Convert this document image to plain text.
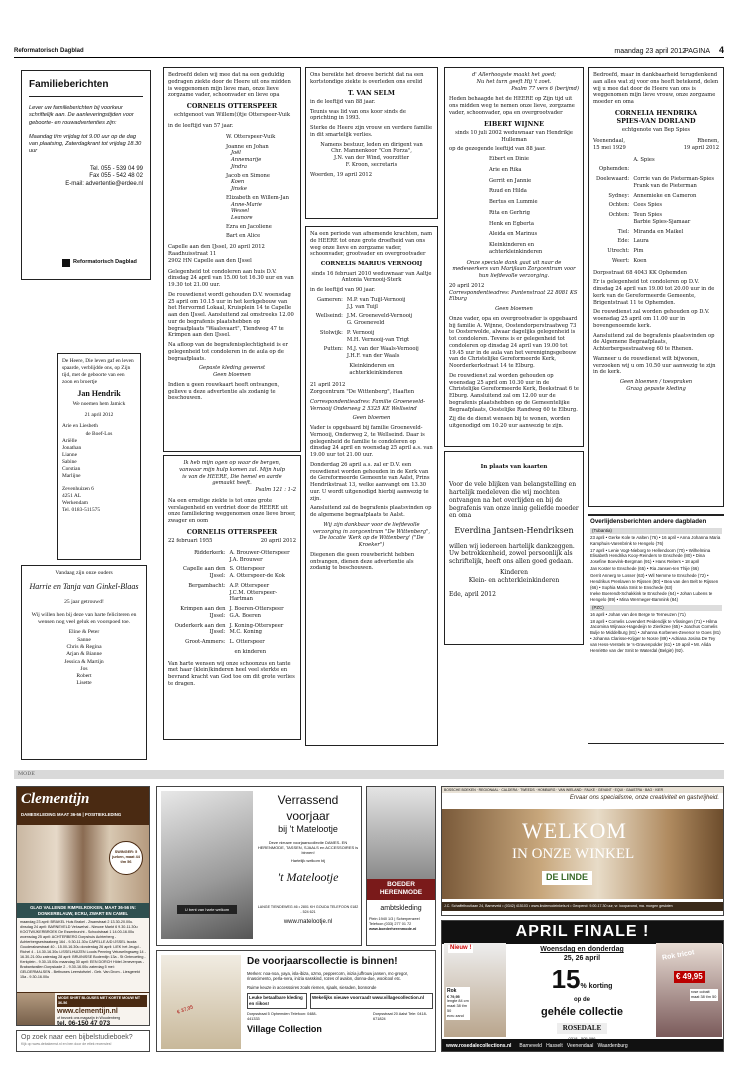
Reformatorisch Dagblad	maandag 23 april 2012
PAGINA 4
Familieberichten

Lever uw familieberichten bij voorkeur schriftelijk aan. De aanleveringstijden voor geboorte- en rouwadvertenties zijn:

Maandag t/m vrijdag tot 9.00 uur op de dag van plaatsing, Zaterdagkrant tot vrijdag 18.30 uur

Tel. 055 - 539 04 99
Fax 055 - 542 48 02
E-mail: advertentie@erdee.nl
Reformatorisch Dagblad

De Heere, Die leven gaf en leven spaarde, verblijdde ons, op Zijn tijd, met de geboorte van een zoon en broertje

Jan Hendrik
We noemen hem Jamick
21 april 2012
Arie en Liesbeth
de Boef-Los
Ariëlle
Jonathan
Lianne
Sabine
Corstian
Marlijne
Zevenhuizen 6
4251 AL
Werkendam
Tel. 0183-511575
Vandaag zijn onze ouders
Harrie en Tanja van Ginkel-Blaas
25 jaar getrouwd!

Wij willen hen bij deze van harte feliciteren en wensen nog veel geluk en voorspoed toe.

Eline & Peter
Sanne
Chris & Regina
Arjan & Bianne
Jessica & Martijn
Jos
Robert
Lisette

Bedroefd delen wij mee dat na een geduldig gedragen ziekte door de Heere uit ons midden is weggenomen mijn lieve man, onze lieve zorgzame vader, schoonvader en lieve opa

CORNELIS OTTERSPEER
echtgenoot van Willem(i)tje Otterspeer-Vuik
in de leeftijd van 57 jaar.
W. Otterspeer-Vuik
Joanne en Johan
Joël
Annemarije
Jindra
Jacob en Simone
Koen
Jinske
Elizabeth en Willem-Jan
Anne-Marie
Wessel
Leanore
Ezra en Jacoliene
Bart en Alice
Capelle aan den IJssel, 20 april 2012
Raadhuisstraat 11
2902 HN Capelle aan den IJssel

Gelegenheid tot condoleren aan huis D.V. dinsdag 24 april van 15.00 tot 16.30 uur en van 19.30 tot 21.00 uur.

De rouwdienst wordt gehouden D.V. woensdag 25 april om 10.15 uur in het kerkgebouw van het Hervormd Lokaal, Kruisplein 14 te Capelle aan den IJssel. Aansluitend zal omstreeks 12.00 uur de begrafenis plaatshebben op begraafplaats "Waalsvaart", Tiendweg 47 te Krimpen aan den IJssel.

Na afloop van de begrafenisplechtigheid is er gelegenheid tot condoleren in de aula op de begraafplaats.

Gepaste kleding gewenst
Geen bloemen

Indien u geen rouwkaart heeft ontvangen, gelieve u deze advertentie als zodanig te beschouwen.

Ik heb mijn ogen op waar de bergen, vanwaar mijn hulp komen zal. Mijn hulp is van de HEERE, Die hemel en aarde gemaakt heeft.
Psalm 121 : 1-2

Na een ernstige ziekte is tot onze grote verslagenheid en verdriet door de HEERE uit onze familiekring weggenomen onze lieve broer, zwager en oom

CORNELIS OTTERSPEER
22 februari 1955	20 april 2012
Ridderkerk: A. Brouwer-Otterspeer
J.A. Brouwer
Capelle aan den IJssel:
S. Otterspeer
A. Otterspeer-de Kok
Bergambacht: A.P. Otterspeer
J.C.M. Otterspeer-Hartman
Krimpen aan den IJssel:
J. Boeren-Otterspeer
G.A. Boeren
Ouderkerk aan den IJssel:
J. Koning-Otterspeer
M.C. Koning
Groot-Ammers: L. Otterspeer
en kinderen

Van harte wensen wij onze schoonzus en tante met haar (klein)kinderen heel veel sterkte en bevrand kracht van God toe om dit grote verlies te dragen.

Ons bereikte het droeve bericht dat na een kortstondige ziekte is overleden ons erelid

T. VAN SELM

in de leeftijd van 88 jaar.

Teunis was lid van ons koor sinds de oprichting in 1993.

Sterke de Heere zijn vrouw en verdere familie in dit smartelijk verlies.

Namens bestuur, leden en dirigent van
Chr. Mannenkoor "Con Forza",
J.N. van der Wind, voorzitter
F. Kroon, secretaris
Woerden, 19 april 2012

Na een periode van afnemende krachten, nam de HEERE tot onze grote droefheid van ons weg onze lieve en zorgzame vader, schoonvader, grootvader en overgrootvader

CORNELIS MARIUS VERNOOIJ
sinds 16 februari 2010 weduwnaar van Aaltje Antonia Vernooij-Sterk

in de leeftijd van 90 jaar.

Gameren: M.P. van Tuijl-Vernooij
J.J. van Tuijl
Wellseind: J.M. Groeneveld-Vernooij
G. Groeneveld
Stolwijk: P. Vernooij
M.H. Vernooij-van Trigt
Putten: M.J. van der Waals-Vernooij
J.H.F. van der Waals
Kleinkinderen en achterkleinkinderen
21 april 2012
Zorgcentrum "De Wittenberg", Haaften

Correspondentieadres: Familie Groeneveld-Vernooij Onderweg 2 5325 KE Wellseind

Geen bloemen

Vader is opgebaard bij familie Groeneveld-Vernooij, Onderweg 2, te Wellseind. Daar is gelegenheid de familie te condoleren op dinsdag 24 april en woensdag 25 april a.s. van 19.00 uur tot 21.00 uur.

Donderdag 26 april a.s. zal er D.V. een rouwdienst worden gehouden in de Kerk van de Gereformeerde Gemeente van Aalst, Prins Hendrikstraat 13, welke aanvangt om 13.30 uur. U wordt uitgenodigd hierbij aanwezig te zijn.

Aansluitend zal de begrafenis plaatsvinden op de algemene begraafplaats te Aalst.

Wij zijn dankbaar voor de liefdevolle verzorging in zorgcentrum "De Wittenberg", De locatie 'Kerk op de Wittenberg' ("De Kroeker")

Diegenen die geen rouwbericht hebben ontvangen, dienen deze advertentie als zodanig te beschouwen.

d' Allerhoogste maakt het goed;
Nu het turn geeft Hij 't zoet.
Psalm 77 vers 6 (berijmd)

Heden behaagde het de HEERE op Zijn tijd uit ons midden weg te nemen onze lieve, zorgzame vader, schoonvader, opa en overgrootvader

EIBERT WIJNNE
sinds 10 juli 2002 weduwnaar van Hendrikje Hulleman

op de gezegende leeftijd van 88 jaar.

Eibert en Dinie
Arie en Rika
Gerrit en Jannie
Ruud en Hilda
Bertus en Lummie
Rita en Gerhrig
Henk en Egberta
Aleida en Marinus
Kleinkinderen en achterkleinkinderen

Onze speciale dank gaat uit naar de medewerkers van Marijlaan Zorgcentrum voor hun liefdevolle verzorging.

20 april 2012

Correspondentieadres: Puntenstraat 22 8081 KS Elburg

Geen bloemen

Onze vader, opa en overgrootvader is opgebaard bij familie A. Wijnne, Oostendorperstraatweg 73 te Oosterwolde, alwaar dagelijks gelegenheid is tot condoleren. Tevens is er gelegenheid tot condoleren op dinsdag 24 april van 19.00 tot 19.45 uur in de aula van het verenigingsgebouw van de Christelijke Gereformeerde Kerk, Noorderkerkstraat 14 te Elburg.

De rouwdienst zal worden gehouden op woensdag 25 april om 10.30 uur in de Christelijke Gereformeerde Kerk, Beekstraat 6 te Elburg. Aansluitend zal om 12.00 uur de begrafenis plaatshebben op de Gemeentelijke Begraafplaats, Oostelijke Randweg 60 te Elburg.

Zij die de dienst wensen bij te wonen, worden uitgenodigd om 10.20 uur aanwezig te zijn.

In plaats van kaarten

Voor de vele blijken van belangstelling en hartelijk medeleven die wij mochten ontvangen na het overlijden en bij de begrafenis van onze innig geliefde moeder en oma

Everdina Jantsen-Hendriksen

willen wij iedereen hartelijk dankzeggen. Uw betrokkenheid, zowel persoonlijk als schriftelijk, heeft ons allen goed gedaan.

Kinderen
Klein- en achterkleinkinderen
Ede, april 2012

Bedroefd, maar in dankbaarheid terugdenkend aan alles wat zij voor ons heeft betekend, delen wij u mee dat door de Heere van ons is weggenomen mijn lieve vrouw, onze zorgzame moeder en oma

CORNELIA HENDRIKA
SPIES-VAN DORLAND
echtgenote van Bep Spies
Veenendaal,
15 mei 1929
Rhenen,
19 april 2012
A. Spies
Ophemden:
Doelewaard: Corrie van de Pieterman-Spies
Frank van de Pieterman
Sydney: Annemieke en Cameron
Ochten: Cees Spies
Ochten: Teun Spies
Barbie Spies-Sjamaar
Tiel: Miranda en Maikel
Ede: Laura
Utrecht: Pim
Weert: Koen

Dorpsstraat 68 4043 KK Ophemden

Er is gelegenheid tot condoleren op D.V. dinsdag 24 april van 19.00 tot 20.00 uur in de kerk van de Gereformeerde Gemeente, Brigentstraat 11 te Ophemden.

De rouwdienst zal worden gehouden op D.V. woensdag 25 april om 11.00 uur in bovengenoemde kerk.

Aansluitend zal de begrafenis plaatsvinden op de Algemene Begraafplaats, Achterbergsestraatweg 60 te Rhenen.

Wanneer u de rouwdienst wilt bijwonen, verzoeken wij u om 10.50 uur aanwezig te zijn in de kerk.

Geen bloemen / toespraken
Graag gepaste kleding
Overlijdensberichten andere dagbladen
(Tubantia)
23 april • Gerke Kole te Aalten (76) • 16 april • Anna Johanna Maria Kamphuis-Varenbrink te Hengelo (76)
17 april • Lenie Vogt-Nieborg te Hellendoorn (70) • Wilhelmina Elisabeth Hendrika Kooy-Reinders te Enschede (80) • Dina Josefine Boevink-Bergman (91) • Hans Reiters • 18 april
Jan Koster te Enschede (65) • Ria Jansen-ten Thije (66)
Gerrit Annerg te Losser (63) • Wil Nemme te Enschede (72) • Hendrikus Prenlaven te Rijssen (80) • Bea van den Belt te Rijssen (66) • Sophia Maria Smit te Enschede (63)
Ineke Boerendt-Schakkink te Enschede (64) • Johan Lubens te Hengelo (89) • Mina Wermeger-Bamnink (84)
(PZC)
16 april • Johan van den Berge te Terneuzen (71)
18 april • Cornelis Lovendert Peidendijk te Vlissingen (71) • Hilma Jacomina Wijnaux-Hagedeijn te Zierikzee (65) • Joachus Cornelis Bulje te Middelburg (81) • Johanna Korbenes-Zevenor te Goes (81) • Johanna Clarisse-Krijger te Nosre (89) • Adriana Josina De Tey van Hess-Verstels te 's-Gravenpolder (61) • 19 april • Mr. Alida Henriëtte van der Smit te Waterdal (België) (92).
MODE
Clementijn
DAMESKLEDING MAAT 36-56 | POSITIEKLEDING
SWINGER: 5 jurken, maat 44 t/m 56
GLAD VALLENDE RIMPELROKKEN, MAAT 36-56 IN: DONKERBLAUW, ECRU, ZWART EN CAMEL
maandag 23 april: BRAKEL Huis Brakel - Zwanstraat 2 13.30-20.00u. dinsdag 24 april: BARNEVELD Veluwehal - Nieuwe Markt 6 9.30-11.30u KOOTWIJKERBROEK De Essenburcht - Schoolstraat 1 14.00-16.00u woensdag 25 april: ACHTERBERG Dorpshuis Achterberg - Achterbergsestraatweg 164 - 9.30-11.30u CAPELLE A/D IJSSEL Isoola Gouderaksestraat 40 - 15.00-16.30u donderdag 26 april: LIEK het Jeugd - Richel 4 - 14.30-16.30u LISSELHUIZEN Loods Penning Veluwelingsweg 14 - 16.30-21.00u zaterdag 28 april: BRUINISSE Bodemlijn 13a - St Ontmoeting - Kerkplein - 9.30-15.00u maandag 30 april: EEN DORCH Hôtel Jeneverpas - Brabantwallen Dorpskade 2 - 9.30-16.00u zaterdag 5 mei: GELDERMALSEN - Bethuwes Leerstofsriel - Geb. Van Drom - Liesgerekt 15a - 9.30-16.00u
MODE SHIRT BLOUSES MET KORTE MOUW MT 36-56
www.clementijn.nl
of bezoek ons magazijn in Woudenberg
tel. 06-150 47 073
Op zoek naar een bijbelstudieboek?
Kijk op www.debakemst.nl en ben door de etiek recensies!
U bent van harte welkom
Verrassend
voorjaar
bij 't Matelootje
Deze nieuwe voorjaarscollectie DAMES- EN HERENMODE, TASSEN, SJAALS en ACCESSOIRES is binnen!
Hartelijk welkom bij
't Matelootje
LANGE TIENDEWEG 46 • 2801 KH GOUDA TELEFOON 0182 - 524 621
www.matelootje.nl
BOEDER HERENMODE
ambtskleding
Plein 1940 1/3 | Scherpenzeel
Telefoon (033) 277 01 72
www.boederherenmode.nl
€ 37,95
De voorjaarscollectie is binnen!
Merken: noa-noa, yaya, isla-ibiza, ozmo, peppercorn, inizia juffrouw jansen, mc-gregor, rinascimento, perla-nera, inizia sasskind, rozes of avalon, donna-due, woolcool etc.
Ruime keuze in accessoires zoals riemen, sjaals, sieraden, bonnonde
Leuke betaalbare kleding en riikos!
Wekelijks nieuwe voorraad! www.villagecollection.nl
Dorpsstraat 5 Ophemden Telefoon: 0488-441333
Dorpsstraat 20 Aalst Tele: 0418-671824
Village Collection
BOSSCHE BOEKEN · REGIONAAL · CALDERA · TWEEDS · HOMBURG · VAN WIELAND · FALKE · GEVANT · EQUI · GAASTRA · BAG · KIER
Ervaar ons specialisme, onze creativiteit en gastvrijheid.
WELKOM
IN ONZE WINKEL
DE LINDE
J.C. Schaffelhoutlaan 24, Barneveld • (0342) 415103 • www.lindemodeinkels.nl • Geopend: 9.00-17.30 uur, vr. koopavond, ma. morgen gesloten
APRIL FINALE !
Nieuw !
Rok
€ 79,95
lengte 84 cm
maat 38 t/m 50
ecru zand
Woensdag en donderdag
25, 26 april
15% korting
op de
gehéle collectie
ROSEDALE
Rok tricot
€ 49,95
rose cobalt
maat 38 t/m 50
www.rosedalecollections.nl Barneveld   Hasselt   Veenendaal   Waardenburg
